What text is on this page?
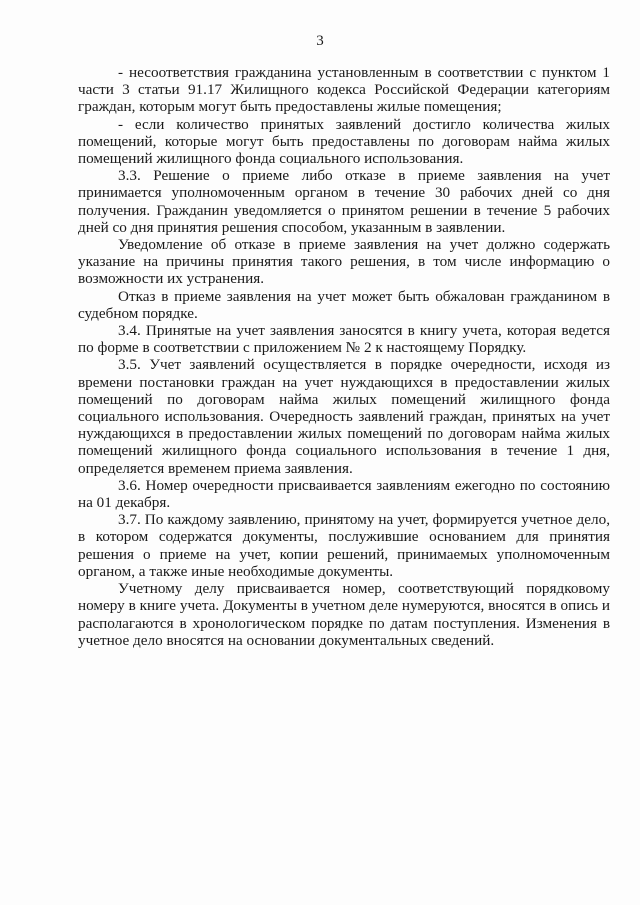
3

- несоответствия гражданина установленным в соответствии с пунктом 1 части 3 статьи 91.17 Жилищного кодекса Российской Федерации категориям граждан, которым могут быть предоставлены жилые помещения;

- если количество принятых заявлений достигло количества жилых помещений, которые могут быть предоставлены по договорам найма жилых помещений жилищного фонда социального использования.

3.3. Решение о приеме либо отказе в приеме заявления на учет принимается уполномоченным органом в течение 30 рабочих дней со дня получения. Гражданин уведомляется о принятом решении в течение 5 рабочих дней со дня принятия решения способом, указанным в заявлении.

Уведомление об отказе в приеме заявления на учет должно содержать указание на причины принятия такого решения, в том числе информацию о возможности их устранения.

Отказ в приеме заявления на учет может быть обжалован гражданином в судебном порядке.

3.4. Принятые на учет заявления заносятся в книгу учета, которая ведется по форме в соответствии с приложением № 2 к настоящему Порядку.

3.5. Учет заявлений осуществляется в порядке очередности, исходя из времени постановки граждан на учет нуждающихся в предоставлении жилых помещений по договорам найма жилых помещений жилищного фонда социального использования. Очередность заявлений граждан, принятых на учет нуждающихся в предоставлении жилых помещений по договорам найма жилых помещений жилищного фонда социального использования в течение 1 дня, определяется временем приема заявления.

3.6. Номер очередности присваивается заявлениям ежегодно по состоянию на 01 декабря.

3.7. По каждому заявлению, принятому на учет, формируется учетное дело, в котором содержатся документы, послужившие основанием для принятия решения о приеме на учет, копии решений, принимаемых уполномоченным органом, а также иные необходимые документы.

Учетному делу присваивается номер, соответствующий порядковому номеру в книге учета. Документы в учетном деле нумеруются, вносятся в опись и располагаются в хронологическом порядке по датам поступления. Изменения в учетное дело вносятся на основании документальных сведений.
